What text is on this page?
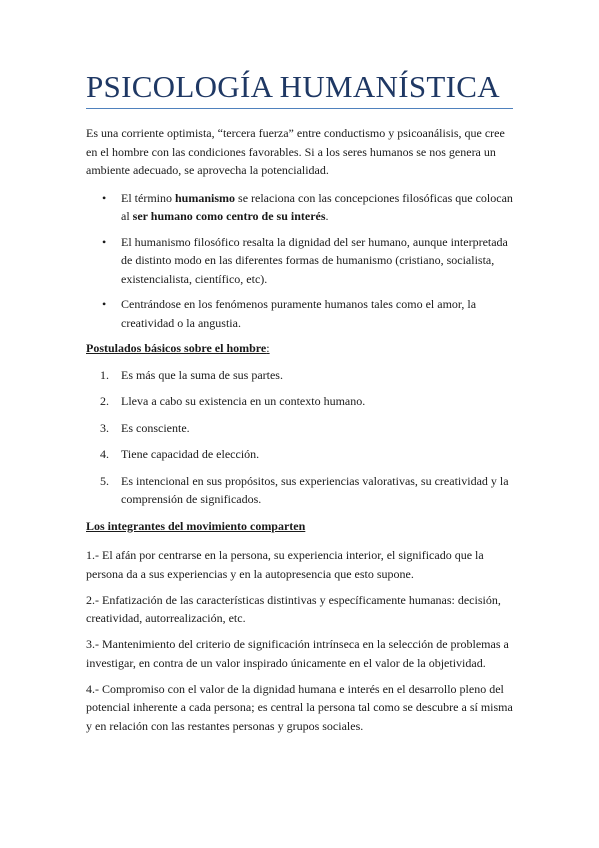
PSICOLOGÍA HUMANÍSTICA

Es una corriente optimista, “tercera fuerza” entre conductismo y psicoanálisis, que cree en el hombre con las condiciones favorables. Si a los seres humanos se nos genera un ambiente adecuado, se aprovecha la potencialidad.

• El término humanismo se relaciona con las concepciones filosóficas que colocan al ser humano como centro de su interés.
• El humanismo filosófico resalta la dignidad del ser humano, aunque interpretada de distinto modo en las diferentes formas de humanismo (cristiano, socialista, existencialista, científico, etc).
• Centrándose en los fenómenos puramente humanos tales como el amor, la creatividad o la angustia.

Postulados básicos sobre el hombre:

1. Es más que la suma de sus partes.
2. Lleva a cabo su existencia en un contexto humano.
3. Es consciente.
4. Tiene capacidad de elección.
5. Es intencional en sus propósitos, sus experiencias valorativas, su creatividad y la comprensión de significados.

Los integrantes del movimiento comparten

1.- El afán por centrarse en la persona, su experiencia interior, el significado que la persona da a sus experiencias y en la autopresencia que esto supone.

2.- Enfatización de las características distintivas y específicamente humanas: decisión, creatividad, autorrealización, etc.

3.- Mantenimiento del criterio de significación intrínseca en la selección de problemas a investigar, en contra de un valor inspirado únicamente en el valor de la objetividad.

4.- Compromiso con el valor de la dignidad humana e interés en el desarrollo pleno del potencial inherente a cada persona; es central la persona tal como se descubre a sí misma y en relación con las restantes personas y grupos sociales.
